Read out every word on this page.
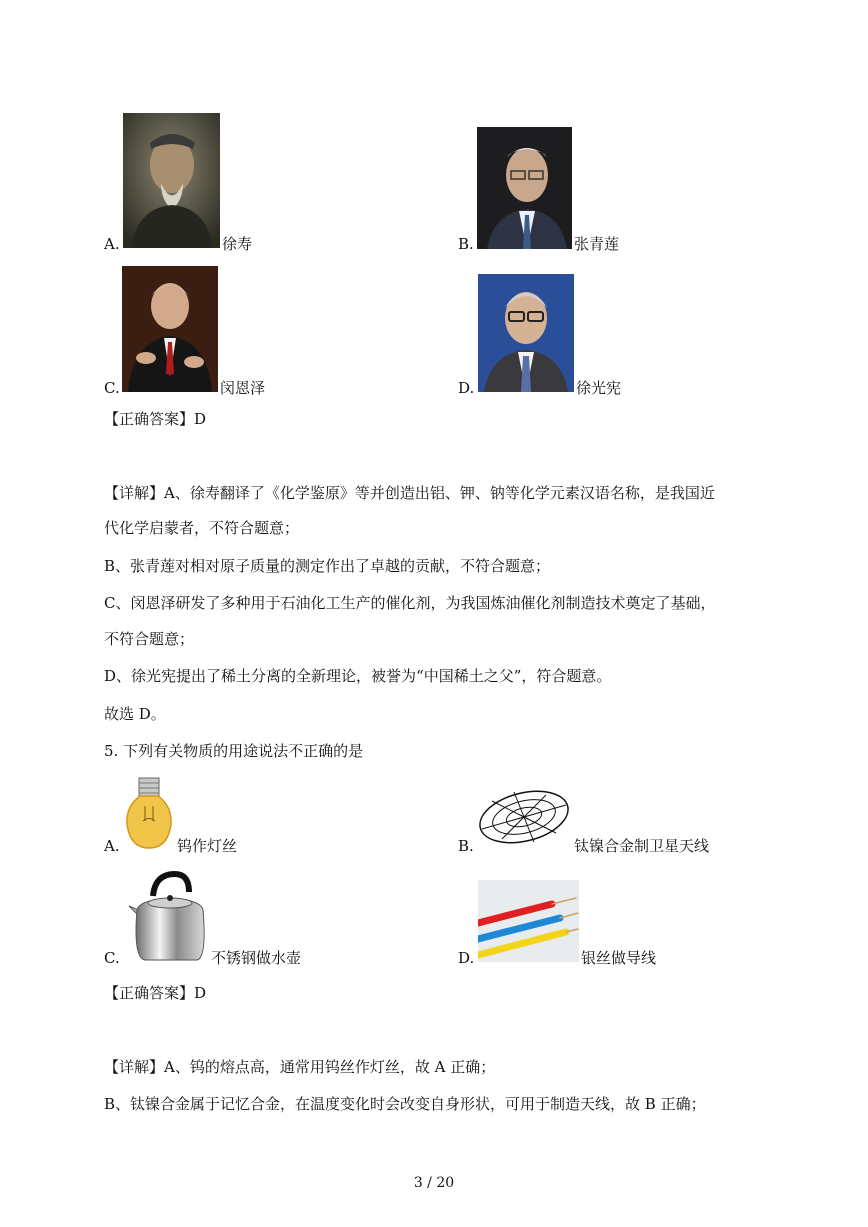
A.	徐寿	B.	张青莲
C.	闵恩泽	D.	徐光宪
【正确答案】D
【详解】A、徐寿翻译了《化学鉴原》等并创造出铝、钾、钠等化学元素汉语名称，是我国近
代化学启蒙者，不符合题意；
B、张青莲对相对原子质量的测定作出了卓越的贡献，不符合题意；
C、闵恩泽研发了多种用于石油化工生产的催化剂，为我国炼油催化剂制造技术奠定了基础，
不符合题意；
D、徐光宪提出了稀土分离的全新理论，被誉为“中国稀土之父”，符合题意。
故选 D。
5. 下列有关物质的用途说法不正确的是
A.	钨作灯丝	B.	钛镍合金制卫星天线
C.	不锈钢做水壶	D.	银丝做导线
【正确答案】D
【详解】A、钨的熔点高，通常用钨丝作灯丝，故 A 正确；
B、钛镍合金属于记忆合金，在温度变化时会改变自身形状，可用于制造天线，故 B 正确；
3 / 20
